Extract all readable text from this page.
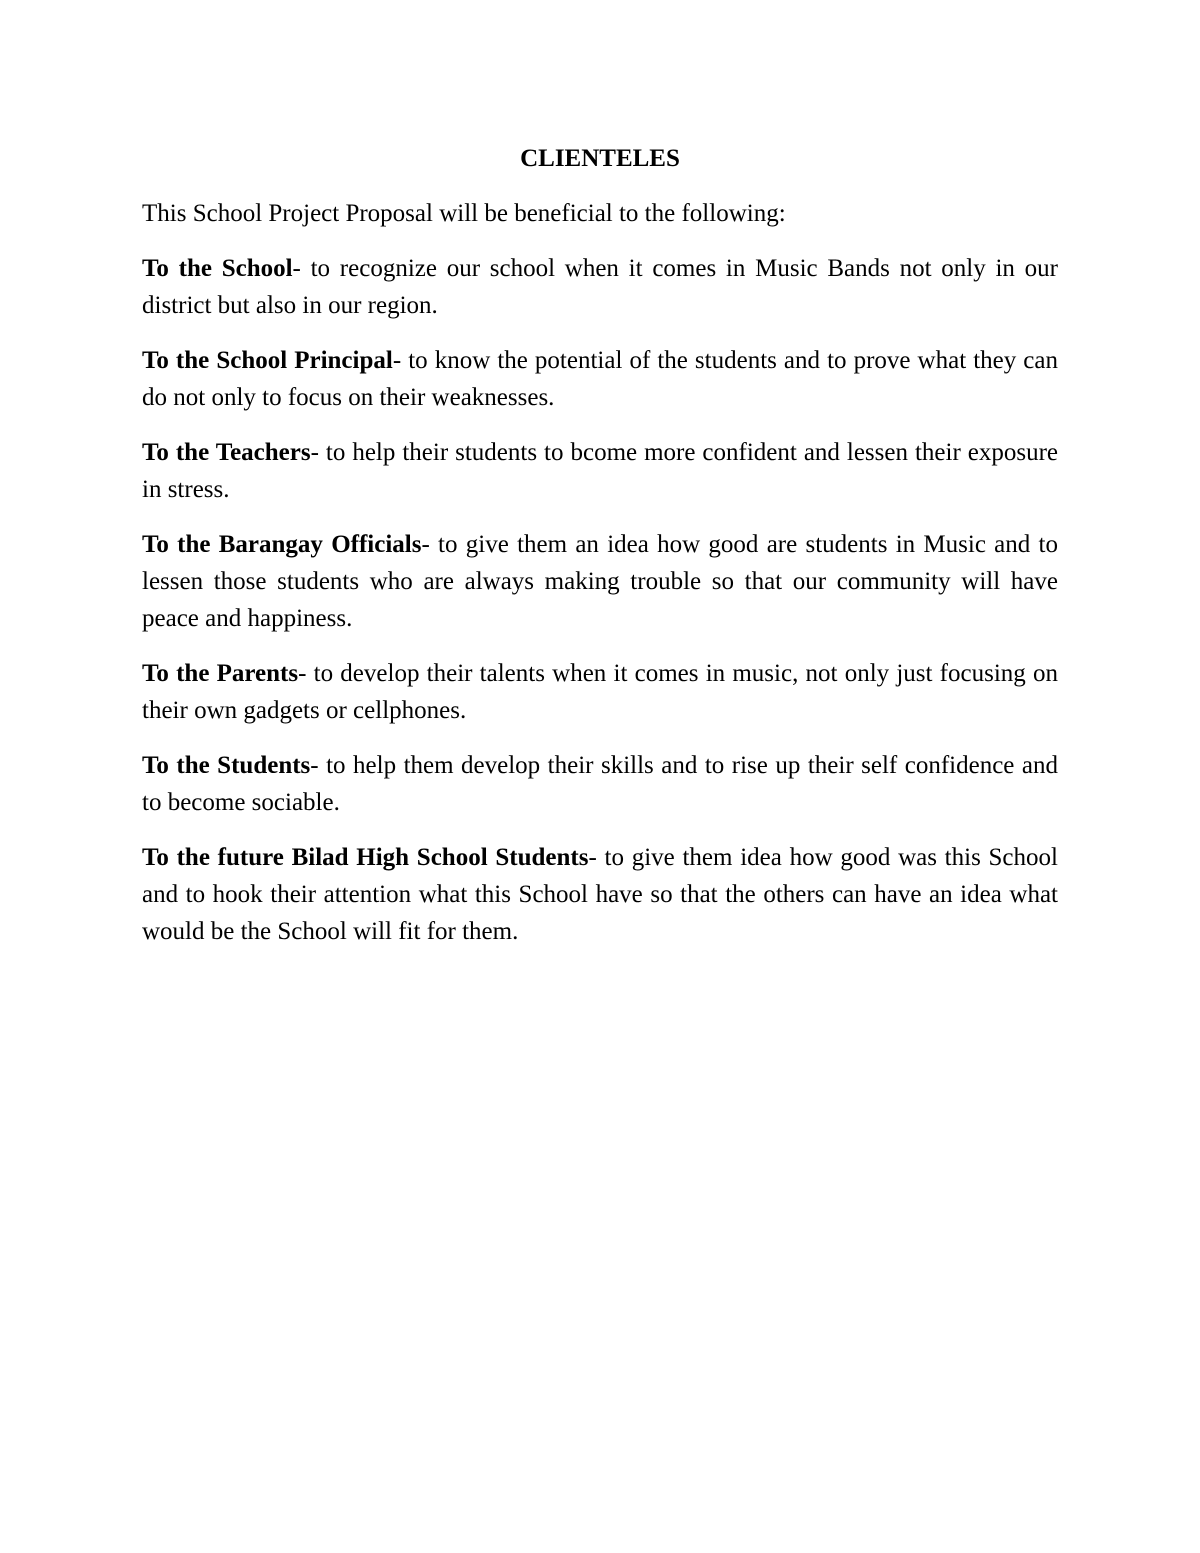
CLIENTELES

This School Project Proposal will be beneficial to the following:

To the School- to recognize our school when it comes in Music Bands not only in our district but also in our region.

To the School Principal- to know the potential of the students and to prove what they can do not only to focus on their weaknesses.

To the Teachers- to help their students to bcome more confident and lessen their exposure in stress.

To the Barangay Officials- to give them an idea how good are students in Music and to lessen those students who are always making trouble so that our community will have peace and happiness.

To the Parents- to develop their talents when it comes in music, not only just focusing on their own gadgets or cellphones.

To the Students- to help them develop their skills and to rise up their self confidence and to become sociable.

To the future Bilad High School Students- to give them idea how good was this School and to hook their attention what this School have so that the others can have an idea what would be the School will fit for them.
